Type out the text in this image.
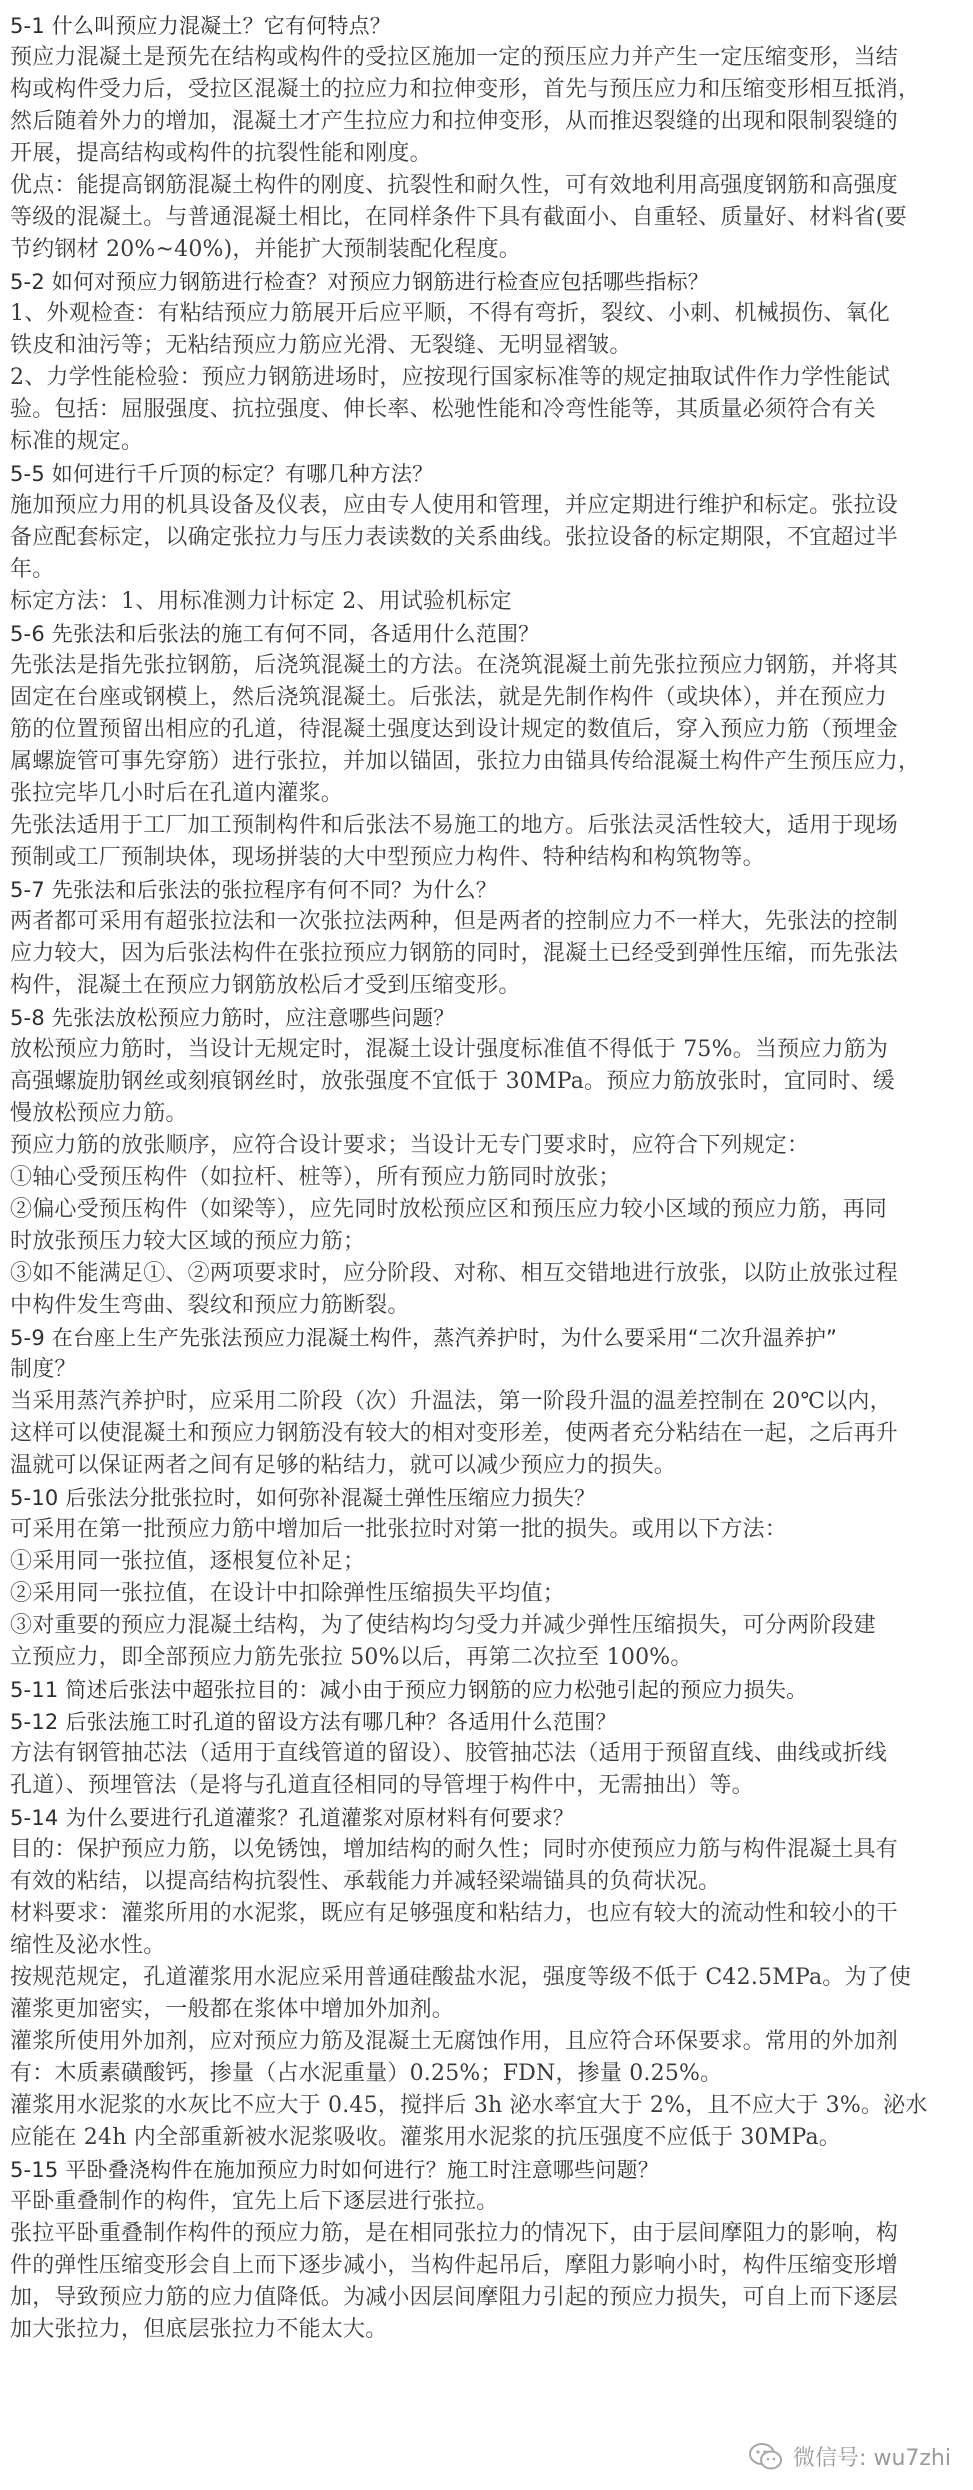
5-1 什么叫预应力混凝土？它有何特点？
预应力混凝土是预先在结构或构件的受拉区施加一定的预压应力并产生一定压缩变形，当结
构或构件受力后，受拉区混凝土的拉应力和拉伸变形，首先与预压应力和压缩变形相互抵消，
然后随着外力的增加，混凝土才产生拉应力和拉伸变形，从而推迟裂缝的出现和限制裂缝的
开展，提高结构或构件的抗裂性能和刚度。
优点：能提高钢筋混凝土构件的刚度、抗裂性和耐久性，可有效地利用高强度钢筋和高强度
等级的混凝土。与普通混凝土相比，在同样条件下具有截面小、自重轻、质量好、材料省(要
节约钢材 20%~40%)，并能扩大预制装配化程度。
5-2 如何对预应力钢筋进行检查？对预应力钢筋进行检查应包括哪些指标？
1、外观检查：有粘结预应力筋展开后应平顺，不得有弯折，裂纹、小刺、机械损伤、氧化
铁皮和油污等；无粘结预应力筋应光滑、无裂缝、无明显褶皱。
2、力学性能检验：预应力钢筋进场时，应按现行国家标准等的规定抽取试件作力学性能试
验。包括：屈服强度、抗拉强度、伸长率、松驰性能和冷弯性能等，其质量必须符合有关
标准的规定。
5-5 如何进行千斤顶的标定？有哪几种方法？
施加预应力用的机具设备及仪表，应由专人使用和管理，并应定期进行维护和标定。张拉设
备应配套标定，以确定张拉力与压力表读数的关系曲线。张拉设备的标定期限，不宜超过半
年。
标定方法：1、用标准测力计标定 2、用试验机标定
5-6 先张法和后张法的施工有何不同，各适用什么范围？
先张法是指先张拉钢筋，后浇筑混凝土的方法。在浇筑混凝土前先张拉预应力钢筋，并将其
固定在台座或钢模上，然后浇筑混凝土。后张法，就是先制作构件（或块体），并在预应力
筋的位置预留出相应的孔道，待混凝土强度达到设计规定的数值后，穿入预应力筋（预埋金
属螺旋管可事先穿筋）进行张拉，并加以锚固，张拉力由锚具传给混凝土构件产生预压应力，
张拉完毕几小时后在孔道内灌浆。
先张法适用于工厂加工预制构件和后张法不易施工的地方。后张法灵活性较大，适用于现场
预制或工厂预制块体，现场拼装的大中型预应力构件、特种结构和构筑物等。
5-7 先张法和后张法的张拉程序有何不同？为什么？
两者都可采用有超张拉法和一次张拉法两种，但是两者的控制应力不一样大，先张法的控制
应力较大，因为后张法构件在张拉预应力钢筋的同时，混凝土已经受到弹性压缩，而先张法
构件，混凝土在预应力钢筋放松后才受到压缩变形。
5-8 先张法放松预应力筋时，应注意哪些问题？
放松预应力筋时，当设计无规定时，混凝土设计强度标准值不得低于 75%。当预应力筋为
高强螺旋肋钢丝或刻痕钢丝时，放张强度不宜低于 30MPa。预应力筋放张时，宜同时、缓
慢放松预应力筋。
预应力筋的放张顺序，应符合设计要求；当设计无专门要求时，应符合下列规定：
①轴心受预压构件（如拉杆、桩等），所有预应力筋同时放张；
②偏心受预压构件（如梁等），应先同时放松预应区和预压应力较小区域的预应力筋，再同
时放张预压力较大区域的预应力筋；
③如不能满足①、②两项要求时，应分阶段、对称、相互交错地进行放张，以防止放张过程
中构件发生弯曲、裂纹和预应力筋断裂。
5-9 在台座上生产先张法预应力混凝土构件，蒸汽养护时，为什么要采用“二次升温养护”
制度？
当采用蒸汽养护时，应采用二阶段（次）升温法，第一阶段升温的温差控制在 20℃以内，
这样可以使混凝土和预应力钢筋没有较大的相对变形差，使两者充分粘结在一起，之后再升
温就可以保证两者之间有足够的粘结力，就可以减少预应力的损失。
5-10 后张法分批张拉时，如何弥补混凝土弹性压缩应力损失？
可采用在第一批预应力筋中增加后一批张拉时对第一批的损失。或用以下方法：
①采用同一张拉值，逐根复位补足；
②采用同一张拉值，在设计中扣除弹性压缩损失平均值；
③对重要的预应力混凝土结构，为了使结构均匀受力并减少弹性压缩损失，可分两阶段建
立预应力，即全部预应力筋先张拉 50%以后，再第二次拉至 100%。
5-11 简述后张法中超张拉目的：减小由于预应力钢筋的应力松弛引起的预应力损失。
5-12 后张法施工时孔道的留设方法有哪几种？各适用什么范围？
方法有钢管抽芯法（适用于直线管道的留设）、胶管抽芯法（适用于预留直线、曲线或折线
孔道）、预埋管法（是将与孔道直径相同的导管埋于构件中，无需抽出）等。
5-14 为什么要进行孔道灌浆？孔道灌浆对原材料有何要求？
目的：保护预应力筋，以免锈蚀，增加结构的耐久性；同时亦使预应力筋与构件混凝土具有
有效的粘结，以提高结构抗裂性、承载能力并减轻梁端锚具的负荷状况。
材料要求：灌浆所用的水泥浆，既应有足够强度和粘结力，也应有较大的流动性和较小的干
缩性及泌水性。
按规范规定，孔道灌浆用水泥应采用普通硅酸盐水泥，强度等级不低于 C42.5MPa。为了使
灌浆更加密实，一般都在浆体中增加外加剂。
灌浆所使用外加剂，应对预应力筋及混凝土无腐蚀作用，且应符合环保要求。常用的外加剂
有：木质素磺酸钙，掺量（占水泥重量）0.25%；FDN，掺量 0.25%。
灌浆用水泥浆的水灰比不应大于 0.45，搅拌后 3h 泌水率宜大于 2%，且不应大于 3%。泌水
应能在 24h 内全部重新被水泥浆吸收。灌浆用水泥浆的抗压强度不应低于 30MPa。
5-15 平卧叠浇构件在施加预应力时如何进行？施工时注意哪些问题？
平卧重叠制作的构件，宜先上后下逐层进行张拉。
张拉平卧重叠制作构件的预应力筋，是在相同张拉力的情况下，由于层间摩阻力的影响，构
件的弹性压缩变形会自上而下逐步减小，当构件起吊后，摩阻力影响小时，构件压缩变形增
加，导致预应力筋的应力值降低。为减小因层间摩阻力引起的预应力损失，可自上而下逐层
加大张拉力，但底层张拉力不能太大。
微信号: wu7zhi
